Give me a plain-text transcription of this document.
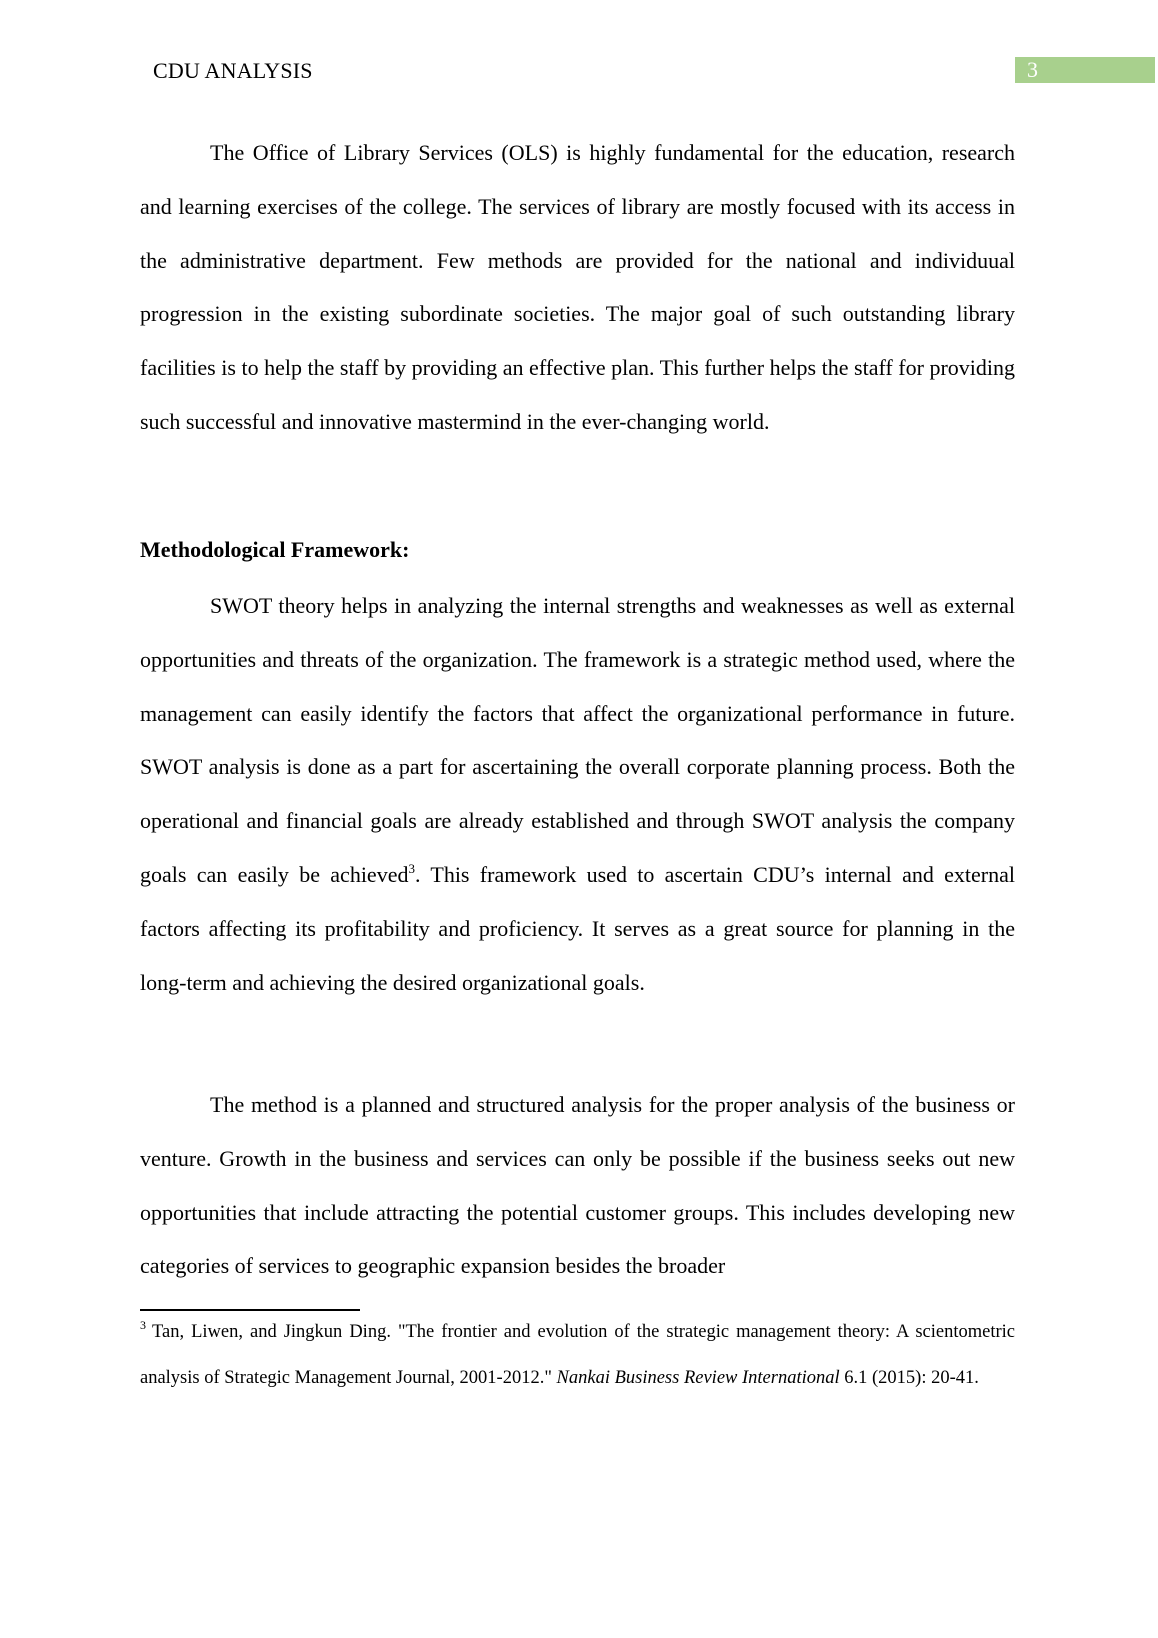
CDU ANALYSIS	3
The Office of Library Services (OLS) is highly fundamental for the education, research and learning exercises of the college. The services of library are mostly focused with its access in the administrative department. Few methods are provided for the national and individuual progression in the existing subordinate societies. The major goal of such outstanding library facilities is to help the staff by providing an effective plan. This further helps the staff for providing such successful and innovative mastermind in the ever-changing world.
Methodological Framework:
SWOT theory helps in analyzing the internal strengths and weaknesses as well as external opportunities and threats of the organization. The framework is a strategic method used, where the management can easily identify the factors that affect the organizational performance in future. SWOT analysis is done as a part for ascertaining the overall corporate planning process. Both the operational and financial goals are already established and through SWOT analysis the company goals can easily be achieved$^3$. This framework used to ascertain CDU’s internal and external factors affecting its profitability and proficiency. It serves as a great source for planning in the long-term and achieving the desired organizational goals.
The method is a planned and structured analysis for the proper analysis of the business or venture. Growth in the business and services can only be possible if the business seeks out new opportunities that include attracting the potential customer groups. This includes developing new categories of services to geographic expansion besides the broader
$^3$ Tan, Liwen, and Jingkun Ding. "The frontier and evolution of the strategic management theory: A scientometric analysis of Strategic Management Journal, 2001-2012." Nankai Business Review International 6.1 (2015): 20-41.
